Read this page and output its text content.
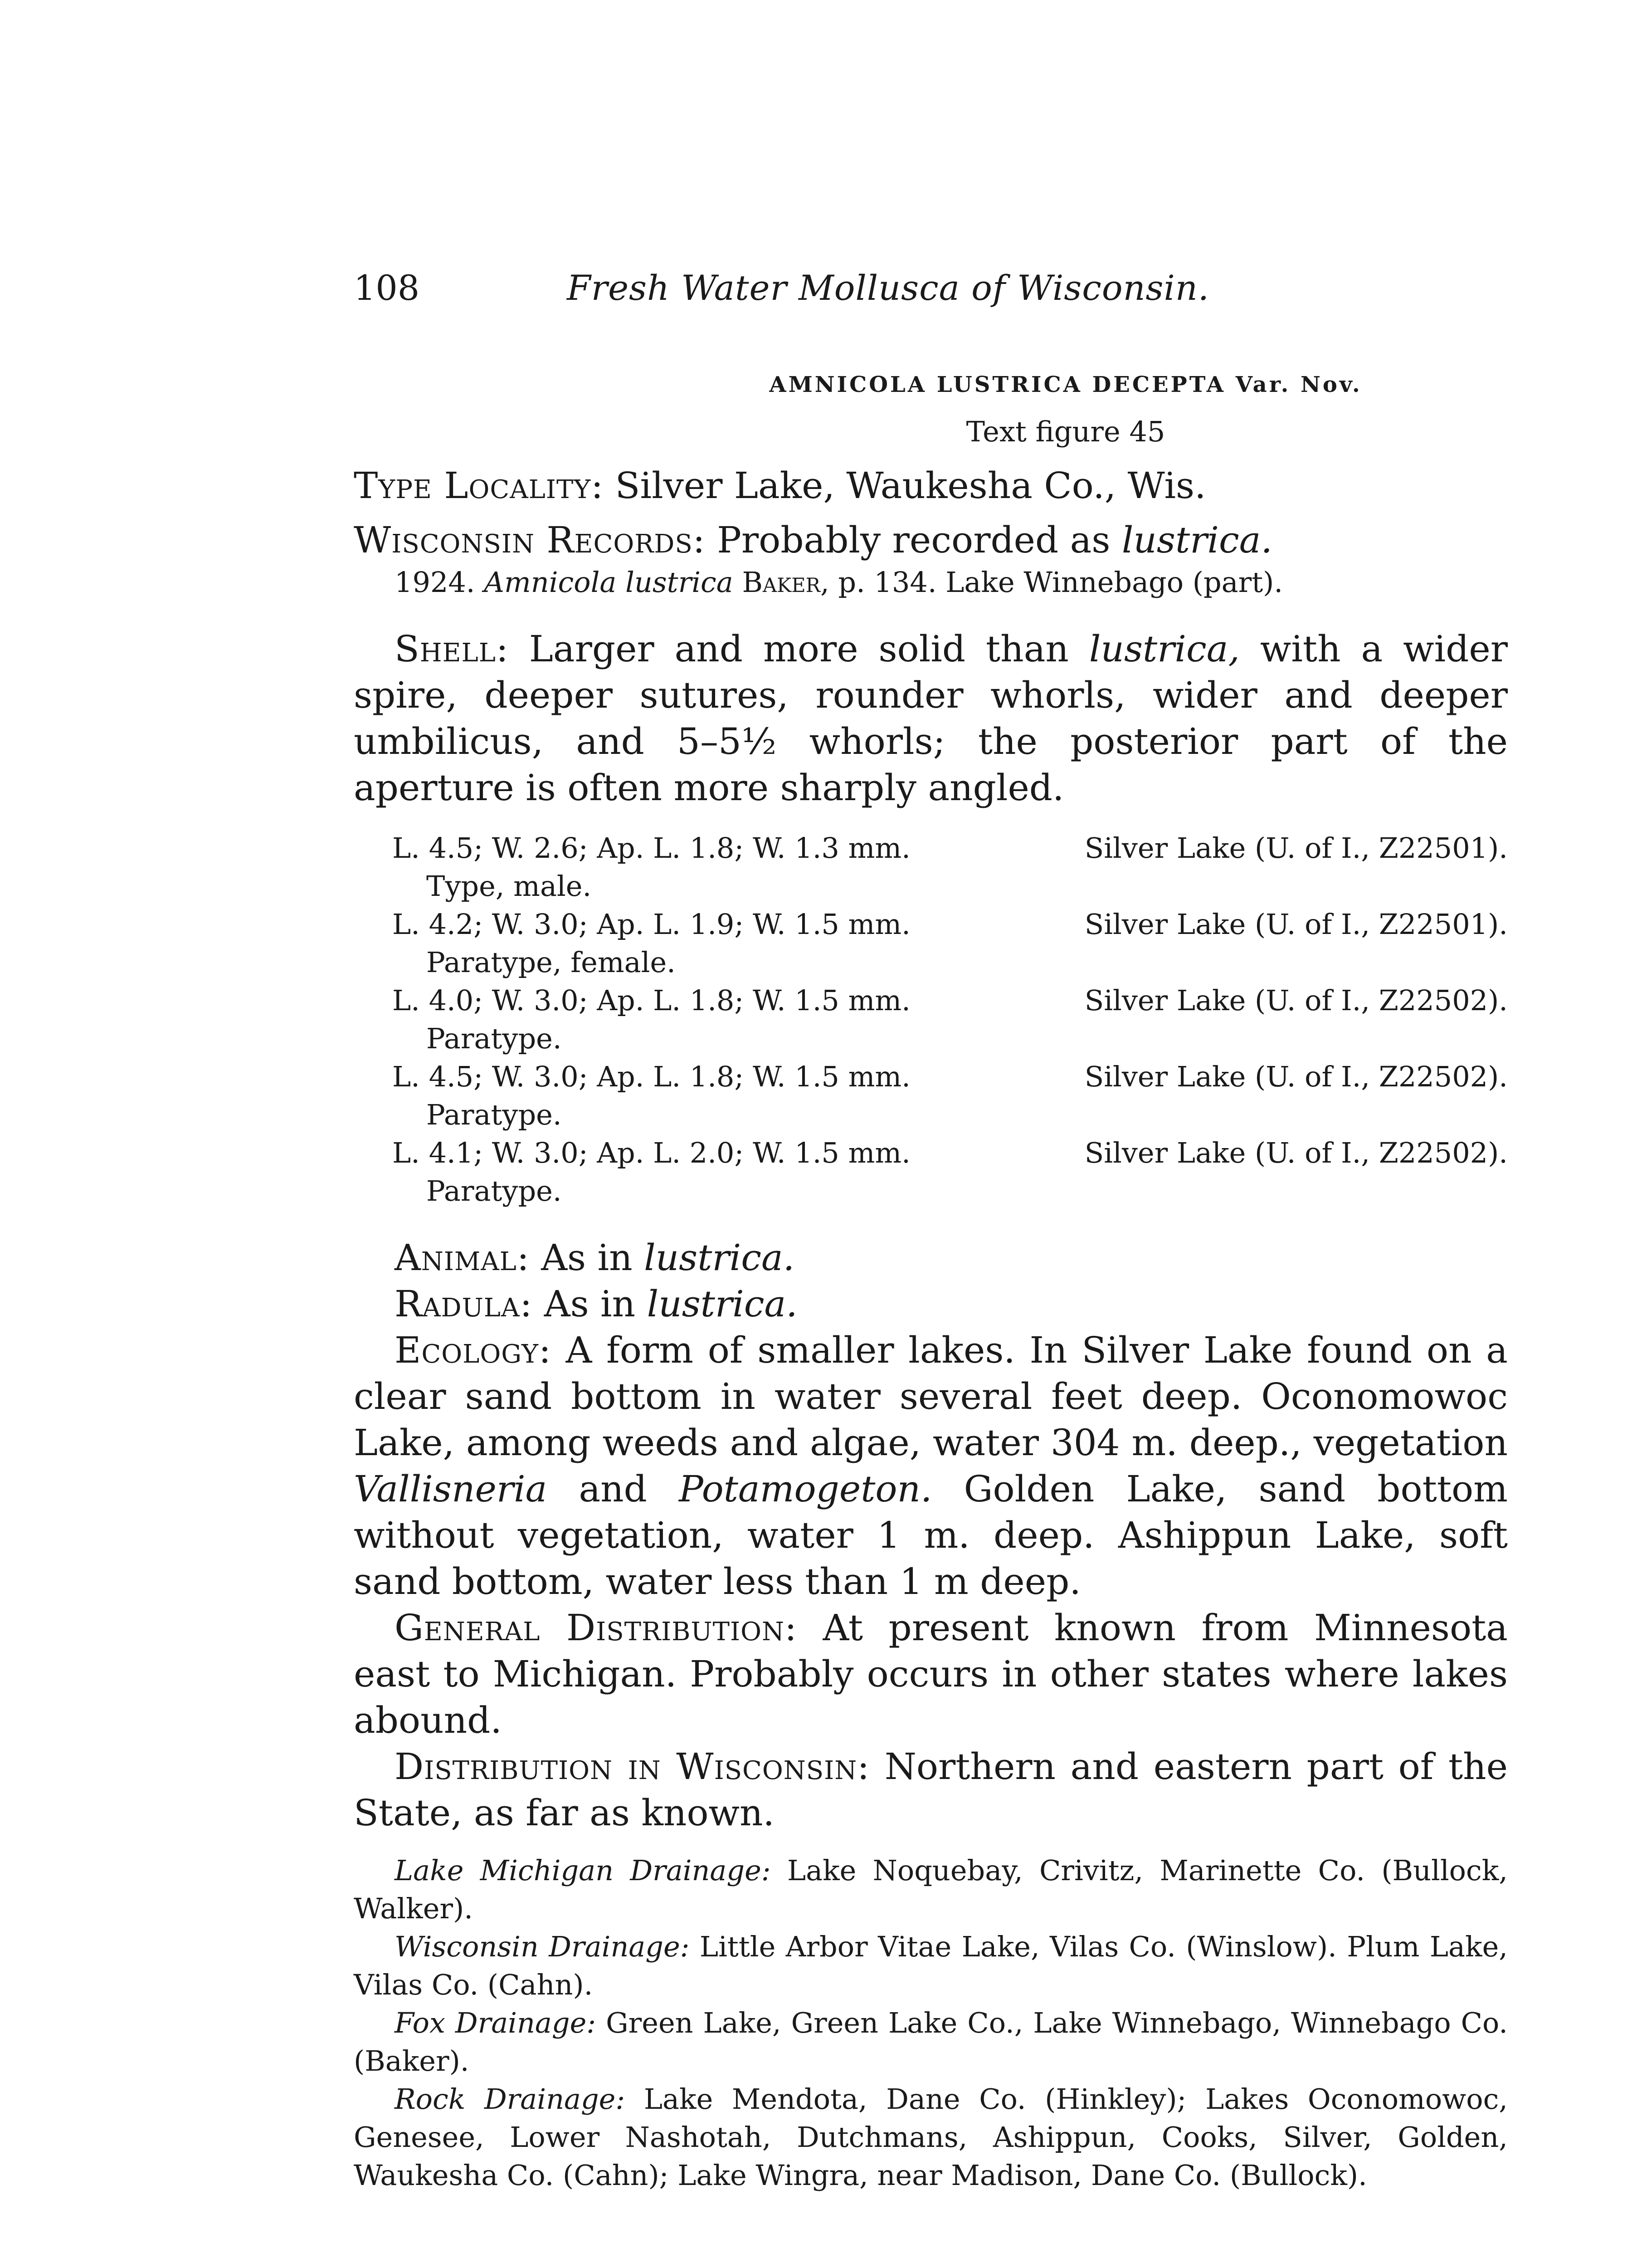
108	Fresh Water Mollusca of Wisconsin.
AMNICOLA LUSTRICA DECEPTA Var. Nov.
Text figure 45
Type Locality: Silver Lake, Waukesha Co., Wis.
Wisconsin Records: Probably recorded as lustrica.
1924. Amnicola lustrica Baker, p. 134. Lake Winnebago (part).
Shell: Larger and more solid than lustrica, with a wider spire, deeper sutures, rounder whorls, wider and deeper umbilicus, and 5–5½ whorls; the posterior part of the aperture is often more sharply angled.
L. 4.5; W. 2.6; Ap. L. 1.8; W. 1.3 mm.	Silver Lake (U. of I., Z22501).
Type, male.
L. 4.2; W. 3.0; Ap. L. 1.9; W. 1.5 mm.	Silver Lake (U. of I., Z22501).
Paratype, female.
L. 4.0; W. 3.0; Ap. L. 1.8; W. 1.5 mm.	Silver Lake (U. of I., Z22502).
Paratype.
L. 4.5; W. 3.0; Ap. L. 1.8; W. 1.5 mm.	Silver Lake (U. of I., Z22502).
Paratype.
L. 4.1; W. 3.0; Ap. L. 2.0; W. 1.5 mm.	Silver Lake (U. of I., Z22502).
Paratype.
Animal: As in lustrica.
Radula: As in lustrica.
Ecology: A form of smaller lakes. In Silver Lake found on a clear sand bottom in water several feet deep. Oconomowoc Lake, among weeds and algae, water 304 m. deep., vegetation Vallisneria and Potamogeton. Golden Lake, sand bottom without vegetation, water 1 m. deep. Ashippun Lake, soft sand bottom, water less than 1 m deep.
General Distribution: At present known from Minnesota east to Michigan. Probably occurs in other states where lakes abound.
Distribution in Wisconsin: Northern and eastern part of the State, as far as known.
Lake Michigan Drainage: Lake Noquebay, Crivitz, Marinette Co. (Bullock, Walker).
Wisconsin Drainage: Little Arbor Vitae Lake, Vilas Co. (Winslow). Plum Lake, Vilas Co. (Cahn).
Fox Drainage: Green Lake, Green Lake Co., Lake Winnebago, Winnebago Co. (Baker).
Rock Drainage: Lake Mendota, Dane Co. (Hinkley); Lakes Oconomowoc, Genesee, Lower Nashotah, Dutchmans, Ashippun, Cooks, Silver, Golden, Waukesha Co. (Cahn); Lake Wingra, near Madison, Dane Co. (Bullock).
